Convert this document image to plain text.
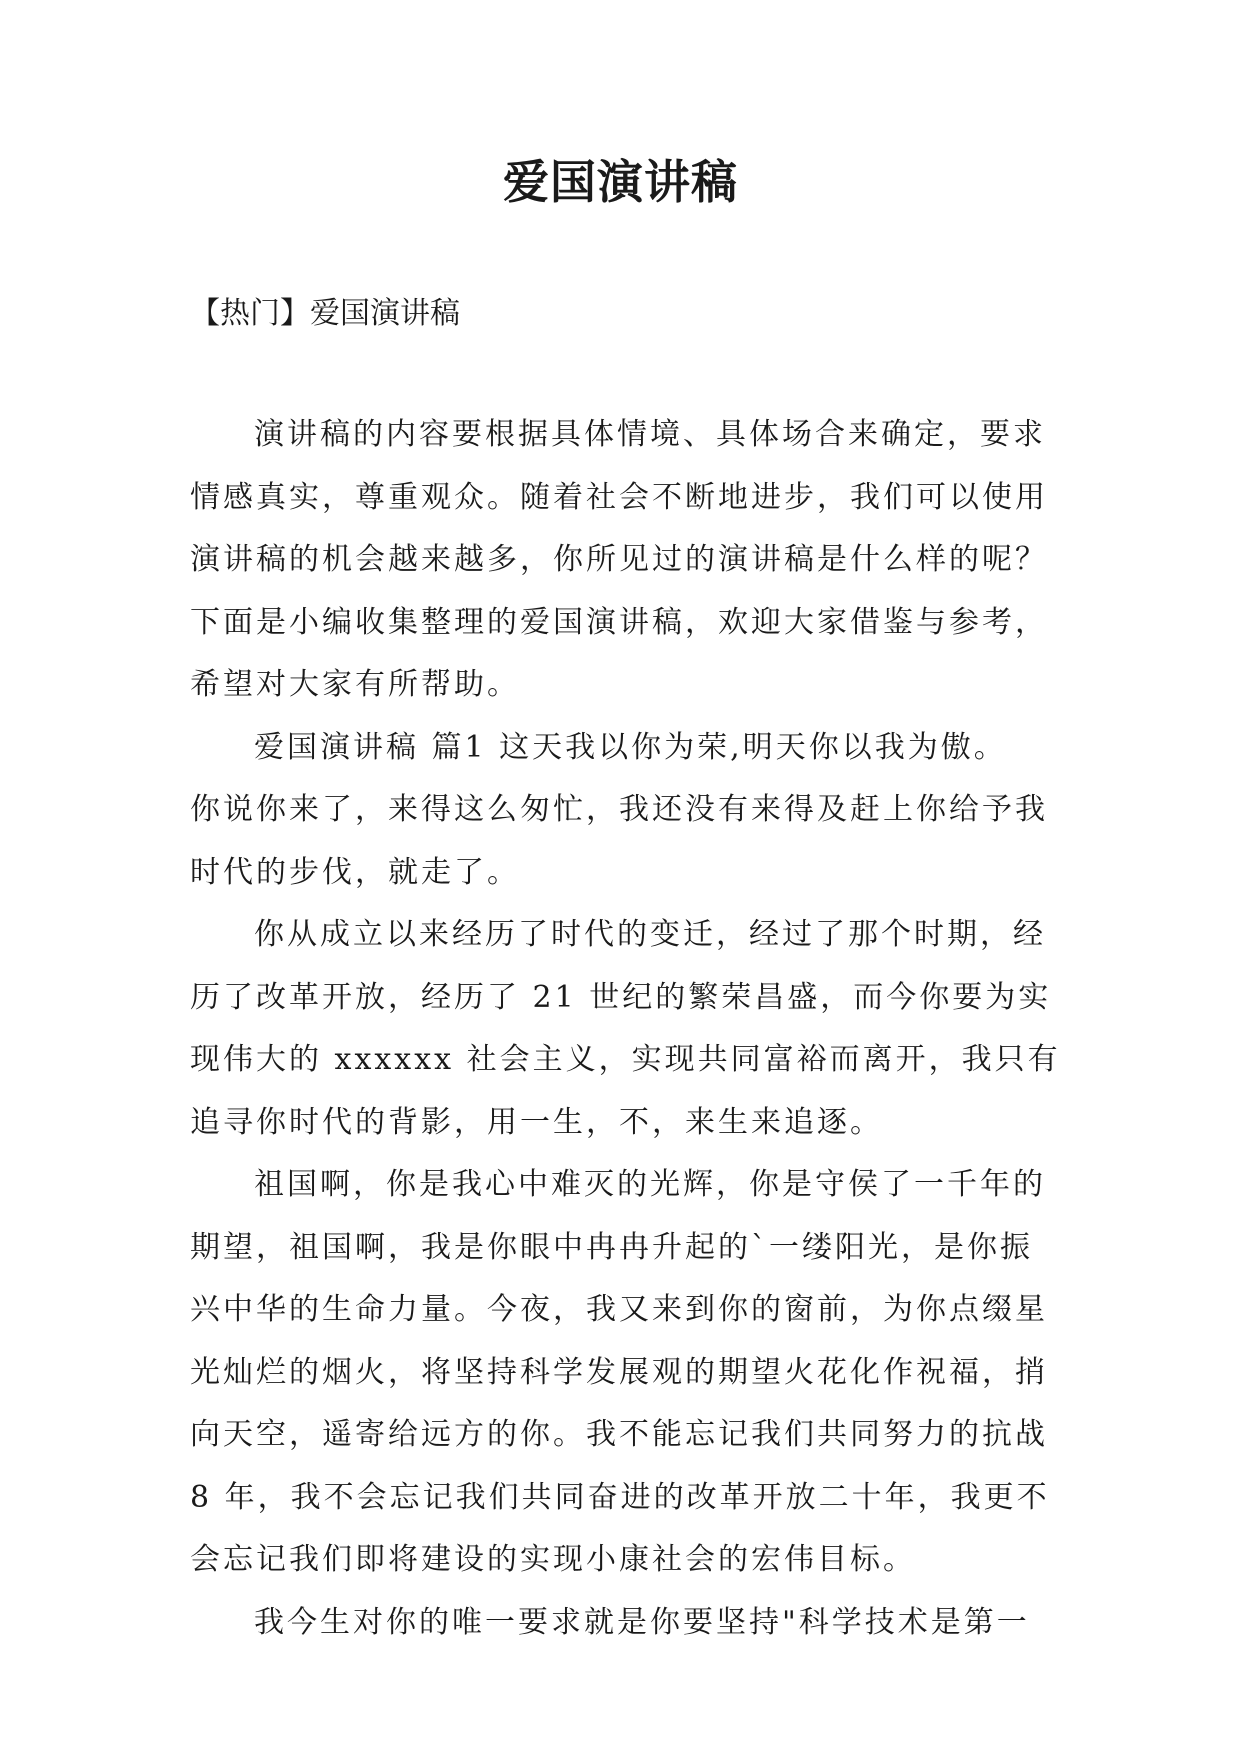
爱国演讲稿
【热门】爱国演讲稿

演讲稿的内容要根据具体情境、具体场合来确定，要求
情感真实，尊重观众。随着社会不断地进步，我们可以使用
演讲稿的机会越来越多，你所见过的演讲稿是什么样的呢？
下面是小编收集整理的爱国演讲稿，欢迎大家借鉴与参考，
希望对大家有所帮助。

爱国演讲稿 篇1 这天我以你为荣,明天你以我为傲。
你说你来了，来得这么匆忙，我还没有来得及赶上你给予我
时代的步伐，就走了。

你从成立以来经历了时代的变迁，经过了那个时期，经
历了改革开放，经历了 21 世纪的繁荣昌盛，而今你要为实
现伟大的 xxxxxx 社会主义，实现共同富裕而离开，我只有
追寻你时代的背影，用一生，不，来生来追逐。

祖国啊，你是我心中难灭的光辉，你是守侯了一千年的
期望，祖国啊，我是你眼中冉冉升起的`一缕阳光，是你振
兴中华的生命力量。今夜，我又来到你的窗前，为你点缀星
光灿烂的烟火，将坚持科学发展观的期望火花化作祝福，捎
向天空，遥寄给远方的你。我不能忘记我们共同努力的抗战
8 年，我不会忘记我们共同奋进的改革开放二十年，我更不
会忘记我们即将建设的实现小康社会的宏伟目标。

我今生对你的唯一要求就是你要坚持"科学技术是第一
